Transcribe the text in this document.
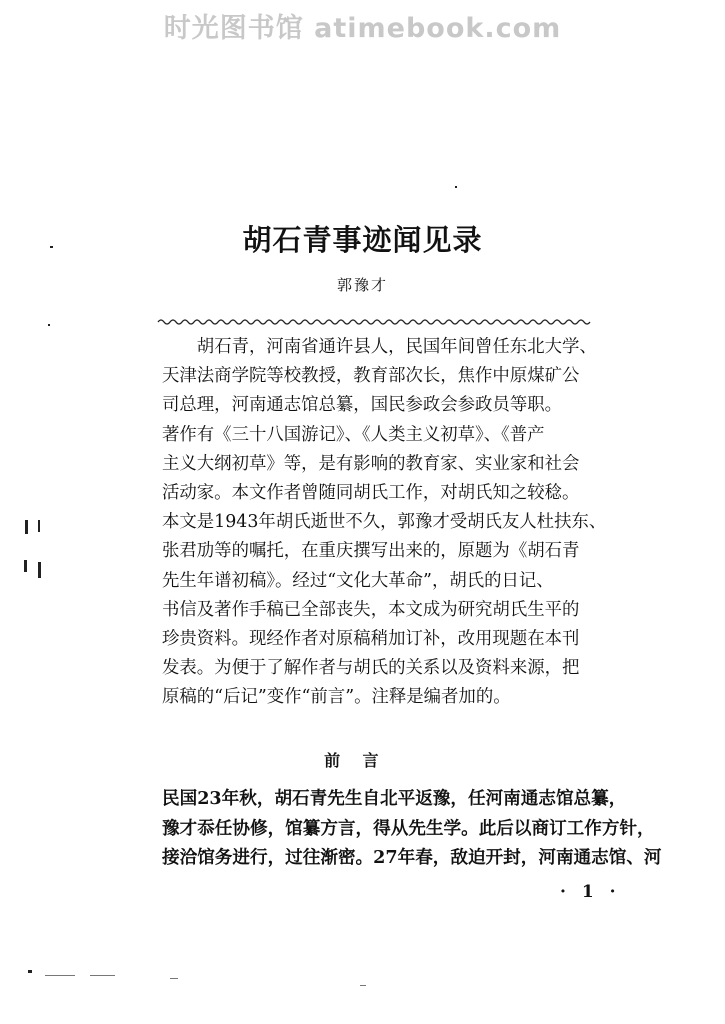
时光图书馆 atimebook.com
胡石青事迹闻见录
郭豫才
胡石青，河南省通许县人，民国年间曾任东北大学、
天津法商学院等校教授，教育部次长，焦作中原煤矿公
司总理，河南通志馆总纂，国民参政会参政员等职。
著作有《三十八国游记》、《人类主义初草》、《普产
主义大纲初草》等，是有影响的教育家、实业家和社会
活动家。本文作者曾随同胡氏工作，对胡氏知之较稔。
本文是1943年胡氏逝世不久，郭豫才受胡氏友人杜扶东、
张君劢等的嘱托，在重庆撰写出来的，原题为《胡石青
先生年谱初稿》。经过“文化大革命”，胡氏的日记、
书信及著作手稿已全部丧失，本文成为研究胡氏生平的
珍贵资料。现经作者对原稿稍加订补，改用现题在本刊
发表。为便于了解作者与胡氏的关系以及资料来源，把
原稿的“后记”变作“前言”。注释是编者加的。
前言
民国23年秋，胡石青先生自北平返豫，任河南通志馆总纂，
豫才忝任协修，馆纂方言，得从先生学。此后以商订工作方针，
接洽馆务进行，过往渐密。27年春，敌迫开封，河南通志馆、河
· 1 ·
